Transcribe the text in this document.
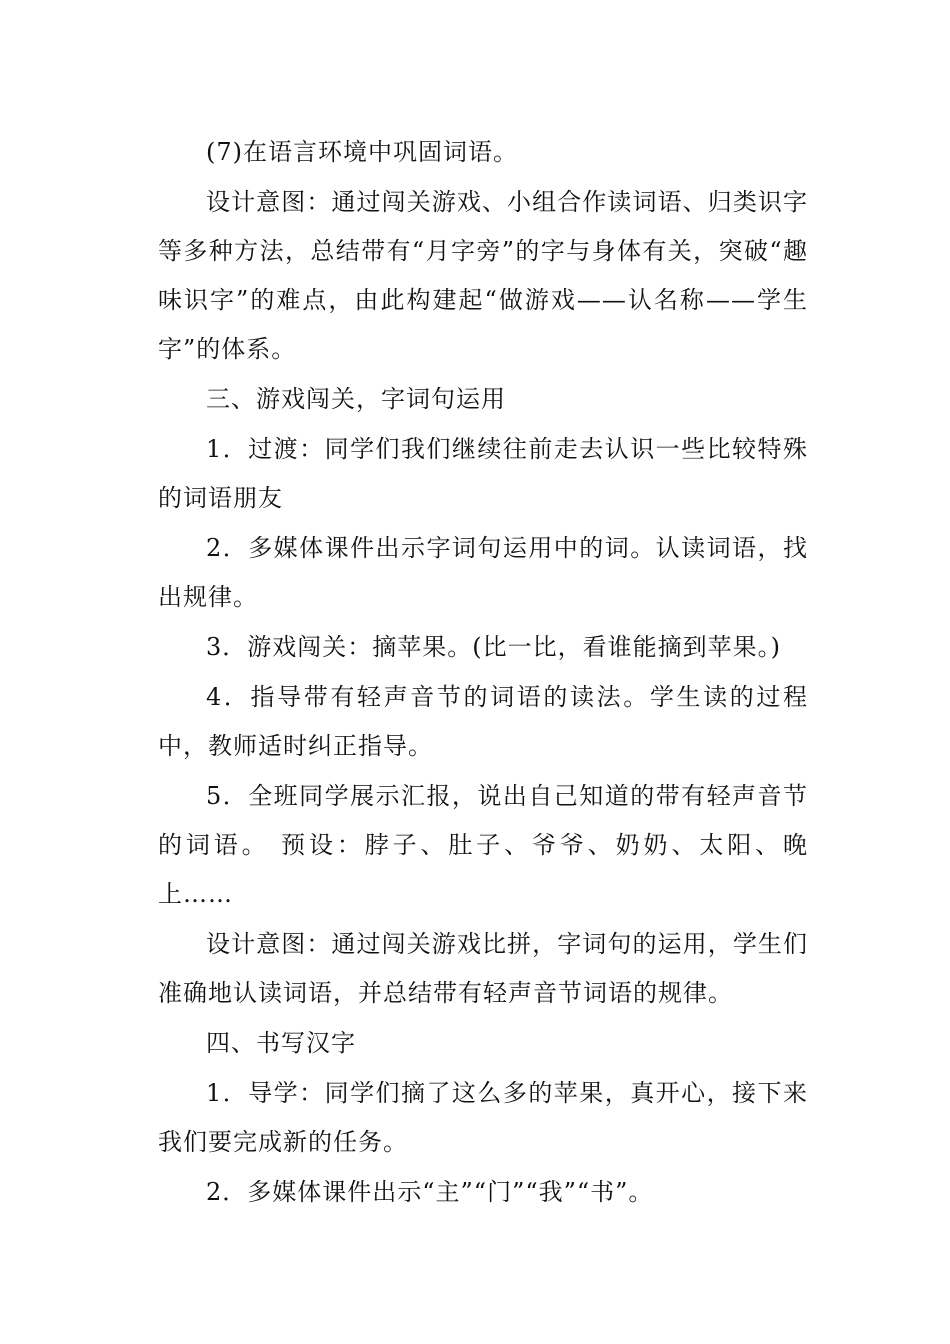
(7)在语言环境中巩固词语。

设计意图：通过闯关游戏、小组合作读词语、归类识字等多种方法，总结带有“月字旁”的字与身体有关，突破“趣味识字”的难点，由此构建起“做游戏——认名称——学生字”的体系。

三、游戏闯关，字词句运用

1．过渡：同学们我们继续往前走去认识一些比较特殊的词语朋友

2．多媒体课件出示字词句运用中的词。认读词语，找出规律。

3．游戏闯关：摘苹果。(比一比，看谁能摘到苹果。)

4．指导带有轻声音节的词语的读法。学生读的过程中，教师适时纠正指导。

5．全班同学展示汇报，说出自己知道的带有轻声音节的词语。 预设：脖子、肚子、爷爷、奶奶、太阳、晚上……

设计意图：通过闯关游戏比拼，字词句的运用，学生们准确地认读词语，并总结带有轻声音节词语的规律。

四、书写汉字

1．导学：同学们摘了这么多的苹果，真开心，接下来我们要完成新的任务。

2．多媒体课件出示“主”“门”“我”“书”。
